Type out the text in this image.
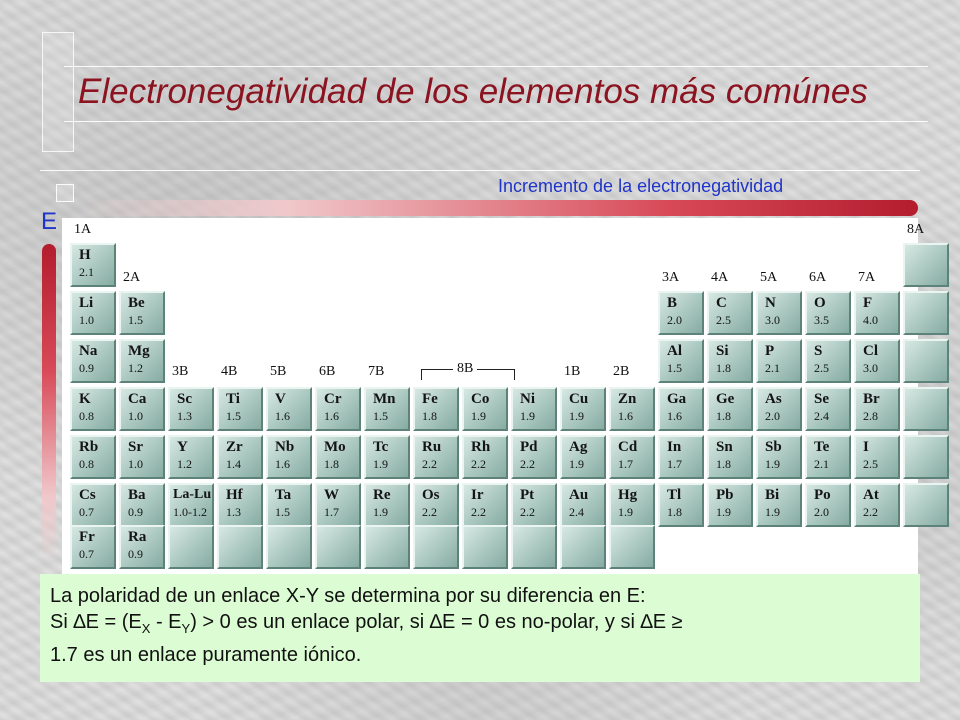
Electronegatividad de los elementos más comúnes
Incremento de la electronegatividad
E 1A
2A
3B 4B 5B 6B 7B	1B 2B
3A 4A 5A 6A 7A
8A
H
2.1
Li
1.0
Be
1.5
B
2.0
C
2.5
N
3.0
O
3.5
F
4.0
Na
0.9
Mg
1.2
Al
1.5
Si
1.8
P
2.1
S
2.5
Cl
3.0
K
0.8
Ca
1.0
Sc
1.3
Ti
1.5
V
1.6
Cr
1.6
Mn
1.5
Fe
1.8
Co
1.9
Ni
1.9
Cu
1.9
Zn
1.6
Ga
1.6
Ge
1.8
As
2.0
Se
2.4
Br
2.8
Rb
0.8
Sr
1.0
Y
1.2
Zr
1.4
Nb
1.6
Mo
1.8
Tc
1.9
Ru
2.2
Rh
2.2
Pd
2.2
Ag
1.9
Cd
1.7
In
1.7
Sn
1.8
Sb
1.9
Te
2.1
I
2.5
Cs
0.7
Ba
0.9
La-Lu
1.0-1.2
Hf
1.3
Ta
1.5
W
1.7
Re
1.9
Os
2.2
Ir
2.2
Pt
2.2
Au
2.4
Hg
1.9
Tl
1.8
Pb
1.9
Bi
1.9
Po
2.0
At
2.2
Fr
0.7
Ra
0.9
8B

La polaridad de un enlace X-Y se determina por su diferencia en E:

Si $\Delta E = (E_X - E_Y) > 0$ es un enlace polar, si ∆E = 0 es no-polar, y si ∆E ≥

1.7 es un enlace puramente iónico.
